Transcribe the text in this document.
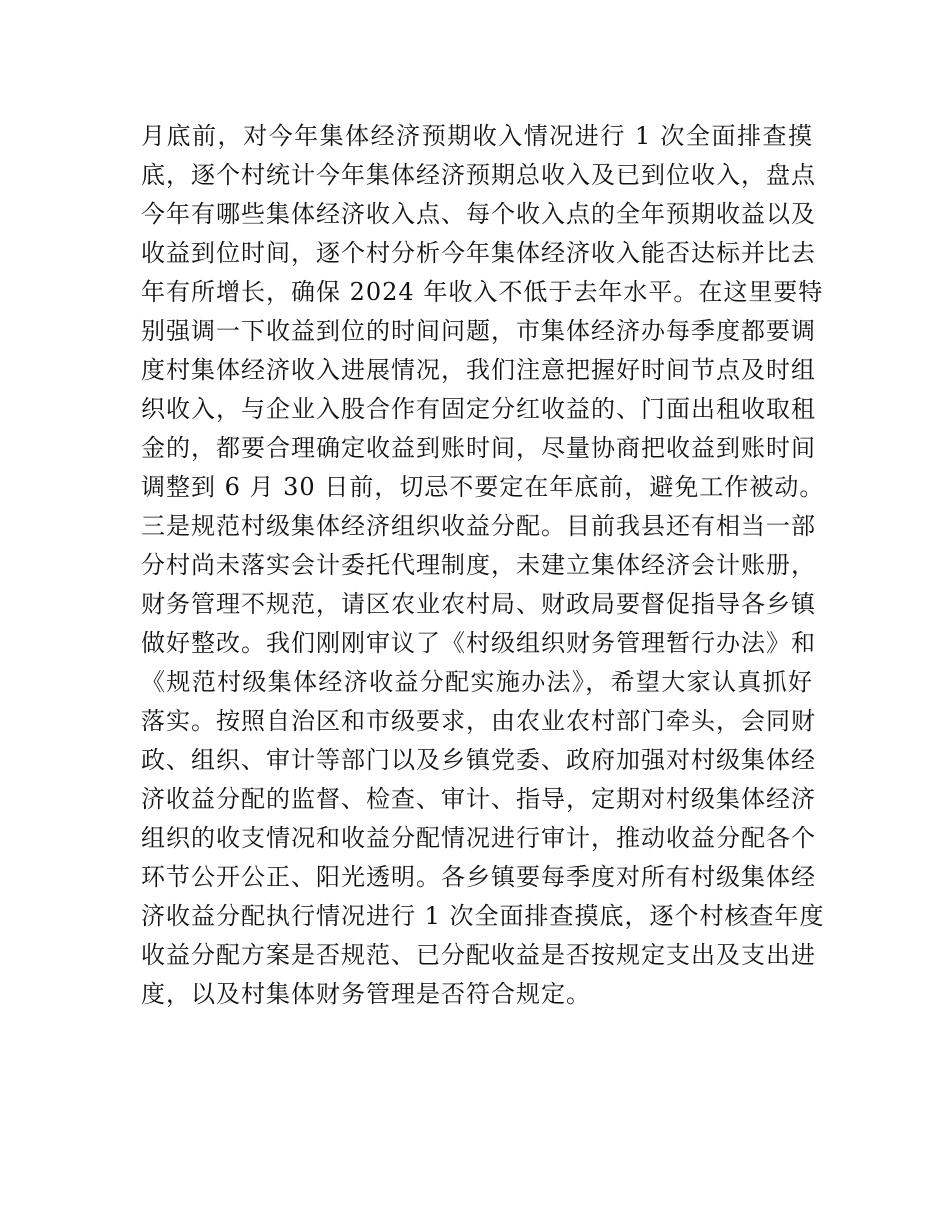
月底前，对今年集体经济预期收入情况进行 1 次全面排查摸
底，逐个村统计今年集体经济预期总收入及已到位收入，盘点
今年有哪些集体经济收入点、每个收入点的全年预期收益以及
收益到位时间，逐个村分析今年集体经济收入能否达标并比去
年有所增长，确保 2024 年收入不低于去年水平。在这里要特
别强调一下收益到位的时间问题，市集体经济办每季度都要调
度村集体经济收入进展情况，我们注意把握好时间节点及时组
织收入，与企业入股合作有固定分红收益的、门面出租收取租
金的，都要合理确定收益到账时间，尽量协商把收益到账时间
调整到 6 月 30 日前，切忌不要定在年底前，避免工作被动。
三是规范村级集体经济组织收益分配。目前我县还有相当一部
分村尚未落实会计委托代理制度，未建立集体经济会计账册，
财务管理不规范，请区农业农村局、财政局要督促指导各乡镇
做好整改。我们刚刚审议了《村级组织财务管理暂行办法》和
《规范村级集体经济收益分配实施办法》，希望大家认真抓好
落实。按照自治区和市级要求，由农业农村部门牵头，会同财
政、组织、审计等部门以及乡镇党委、政府加强对村级集体经
济收益分配的监督、检查、审计、指导，定期对村级集体经济
组织的收支情况和收益分配情况进行审计，推动收益分配各个
环节公开公正、阳光透明。各乡镇要每季度对所有村级集体经
济收益分配执行情况进行 1 次全面排查摸底，逐个村核查年度
收益分配方案是否规范、已分配收益是否按规定支出及支出进
度，以及村集体财务管理是否符合规定。
